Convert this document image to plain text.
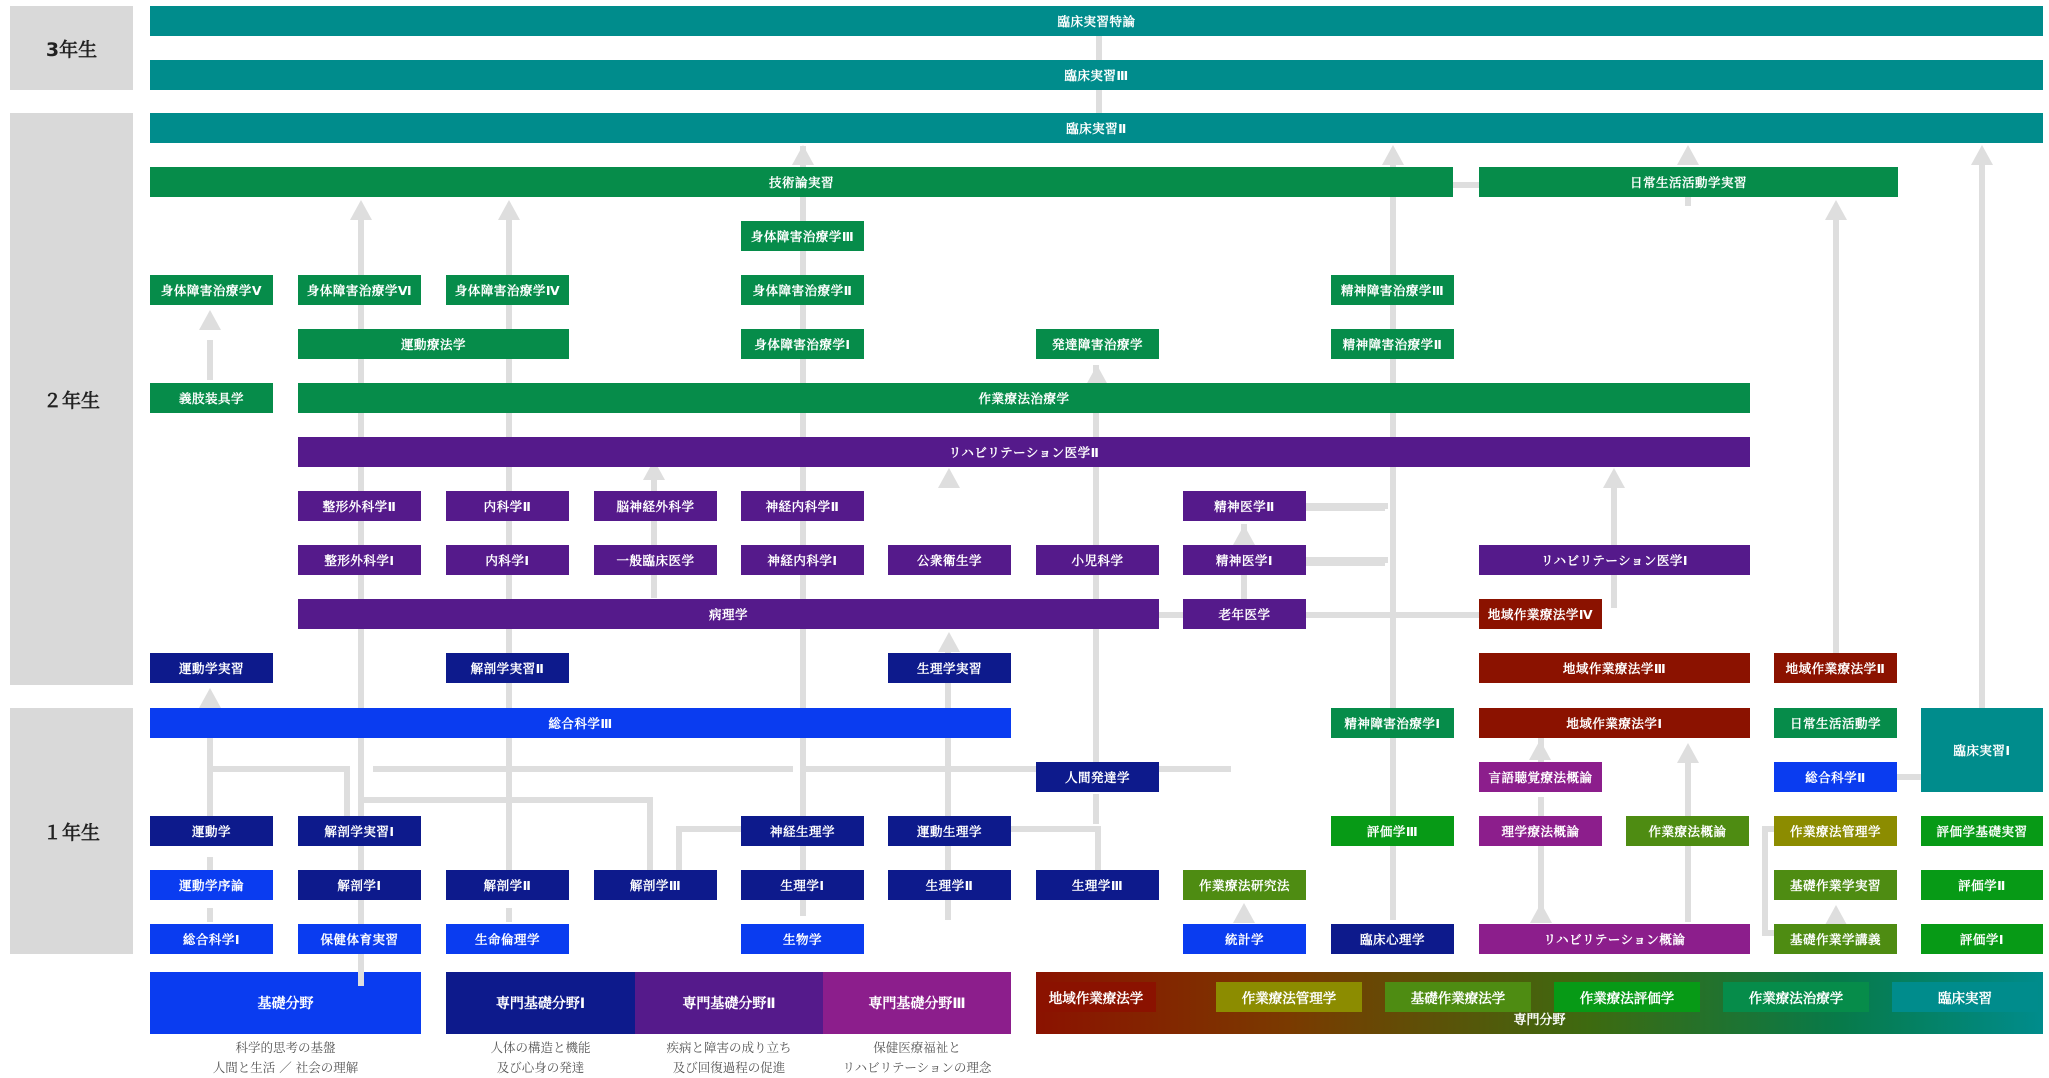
3年生
２年生
１年生
臨床実習特論
臨床実習Ⅲ
臨床実習Ⅱ
技術論実習	日常生活活動学実習
身体障害治療学Ⅲ
身体障害治療学Ⅴ	身体障害治療学Ⅵ	身体障害治療学Ⅳ	身体障害治療学Ⅱ	精神障害治療学Ⅲ
運動療法学	身体障害治療学Ⅰ	発達障害治療学	精神障害治療学Ⅱ
義肢装具学	作業療法治療学
リハビリテーション医学Ⅱ
整形外科学Ⅱ	内科学Ⅱ	脳神経外科学	神経内科学Ⅱ	精神医学Ⅱ
整形外科学Ⅰ	内科学Ⅰ	一般臨床医学	神経内科学Ⅰ	公衆衛生学	小児科学	精神医学Ⅰ	リハビリテーション医学Ⅰ
病理学	老年医学	地域作業療法学Ⅳ
運動学実習	解剖学実習Ⅱ	生理学実習	地域作業療法学Ⅲ	地域作業療法学Ⅱ
総合科学Ⅲ	精神障害治療学Ⅰ	地域作業療法学Ⅰ	日常生活活動学
臨床実習Ⅰ
人間発達学	言語聴覚療法概論	総合科学Ⅱ
運動学	解剖学実習Ⅰ	神経生理学	運動生理学	評価学Ⅲ	理学療法概論	作業療法概論	作業療法管理学	評価学基礎実習
運動学序論	解剖学Ⅰ	解剖学Ⅱ	解剖学Ⅲ	生理学Ⅰ	生理学Ⅱ	生理学Ⅲ	作業療法研究法	基礎作業学実習	評価学Ⅱ
総合科学Ⅰ	保健体育実習	生命倫理学	生物学	統計学	臨床心理学	リハビリテーション概論	基礎作業学講義	評価学Ⅰ
基礎分野	専門基礎分野Ⅰ	専門基礎分野Ⅱ	専門基礎分野Ⅲ
専門分野
地域作業療法学	作業療法管理学	基礎作業療法学	作業療法評価学	作業療法治療学	臨床実習
科学的思考の基盤
人間と生活 ／ 社会の理解
人体の構造と機能
及び心身の発達
疾病と障害の成り立ち
及び回復過程の促進
保健医療福祉と
リハビリテーションの理念
